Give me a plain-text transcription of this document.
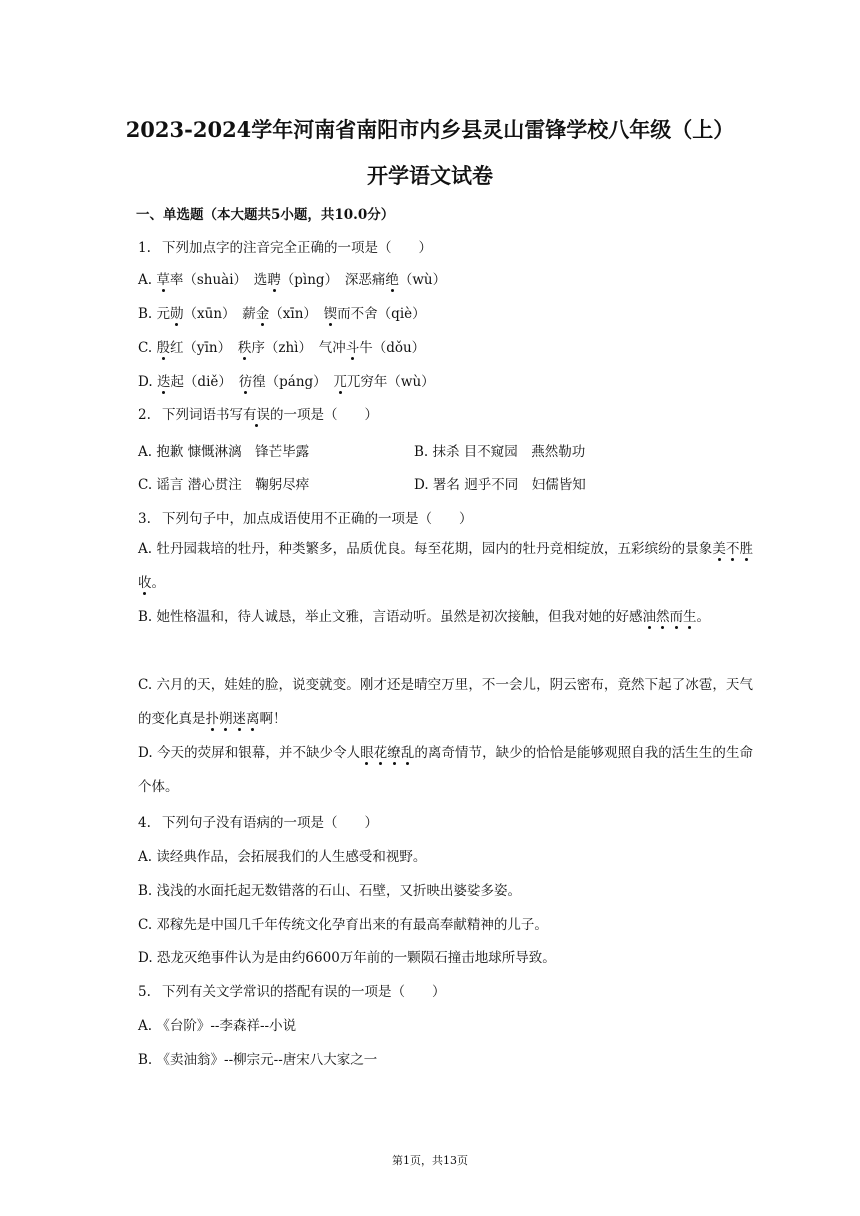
2023-2024学年河南省南阳市内乡县灵山雷锋学校八年级（上）
开学语文试卷
一、单选题（本大题共5小题，共10.0分）
1. 下列加点字的注音完全正确的一项是（　　）
A. 草率（shuài）　选聘（pìng）　深恶痛绝（wù）
B. 元勋（xūn）　薪金（xīn）　锲而不舍（qiè）
C. 殷红（yīn）　秩序（zhì）　气冲斗牛（dǒu）
D. 迭起（diě）　彷徨（páng）　兀兀穷年（wù）
2. 下列词语书写有误的一项是（　　）
A. 抱歉 慷慨淋漓　锋芒毕露	B. 抹杀 目不窥园　燕然勒功
C. 谣言 潜心贯注　鞠躬尽瘁	D. 署名 迥乎不同　妇儒皆知
3. 下列句子中，加点成语使用不正确的一项是（　　）
A. 牡丹园栽培的牡丹，种类繁多，品质优良。每至花期，园内的牡丹竞相绽放，五彩缤纷的景象美不胜收。
B. 她性格温和，待人诚恳，举止文雅，言语动听。虽然是初次接触，但我对她的好感油然而生。
C. 六月的天，娃娃的脸，说变就变。刚才还是晴空万里，不一会儿，阴云密布，竟然下起了冰雹，天气的变化真是扑朔迷离啊！
D. 今天的荧屏和银幕，并不缺少令人眼花缭乱的离奇情节，缺少的恰恰是能够观照自我的活生生的生命个体。
4. 下列句子没有语病的一项是（　　）
A. 读经典作品，会拓展我们的人生感受和视野。
B. 浅浅的水面托起无数错落的石山、石壁，又折映出婆娑多姿。
C. 邓稼先是中国几千年传统文化孕育出来的有最高奉献精神的儿子。
D. 恐龙灭绝事件认为是由约6600万年前的一颗陨石撞击地球所导致。
5. 下列有关文学常识的搭配有误的一项是（　　）
A. 《台阶》--李森祥--小说
B. 《卖油翁》--柳宗元--唐宋八大家之一
第1页，共13页
